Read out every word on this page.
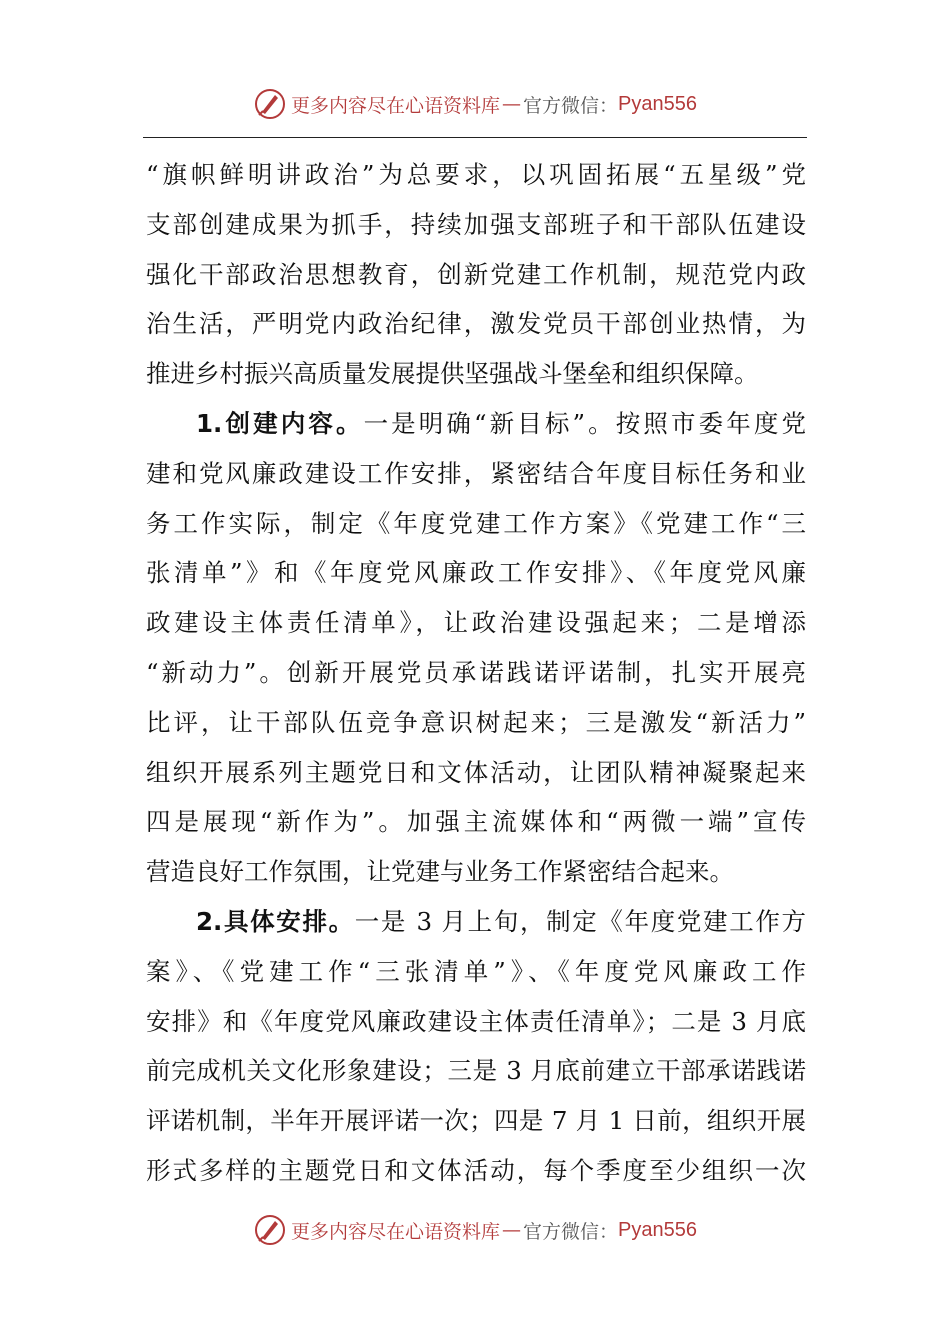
更多内容尽在心语资料库 — 官方微信： Pyan556
“旗帜鲜明讲政治”为总要求，以巩固拓展“五星级”党
支部创建成果为抓手，持续加强支部班子和干部队伍建设
强化干部政治思想教育，创新党建工作机制，规范党内政
治生活，严明党内政治纪律，激发党员干部创业热情，为
推进乡村振兴高质量发展提供坚强战斗堡垒和组织保障。
1.创建内容。一是明确“新目标”。按照市委年度党
建和党风廉政建设工作安排，紧密结合年度目标任务和业
务工作实际，制定《年度党建工作方案》《党建工作“三
张清单”》和《年度党风廉政工作安排》、《年度党风廉
政建设主体责任清单》，让政治建设强起来；二是增添
“新动力”。创新开展党员承诺践诺评诺制，扎实开展亮
比评，让干部队伍竞争意识树起来；三是激发“新活力”
组织开展系列主题党日和文体活动，让团队精神凝聚起来
四是展现“新作为”。加强主流媒体和“两微一端”宣传
营造良好工作氛围，让党建与业务工作紧密结合起来。
2.具体安排。一是 3 月上旬，制定《年度党建工作方
案》、《党建工作“三张清单”》、《年度党风廉政工作
安排》和《年度党风廉政建设主体责任清单》；二是 3 月底
前完成机关文化形象建设；三是 3 月底前建立干部承诺践诺
评诺机制，半年开展评诺一次；四是 7 月 1 日前，组织开展
形式多样的主题党日和文体活动，每个季度至少组织一次
更多内容尽在心语资料库 — 官方微信： Pyan556
